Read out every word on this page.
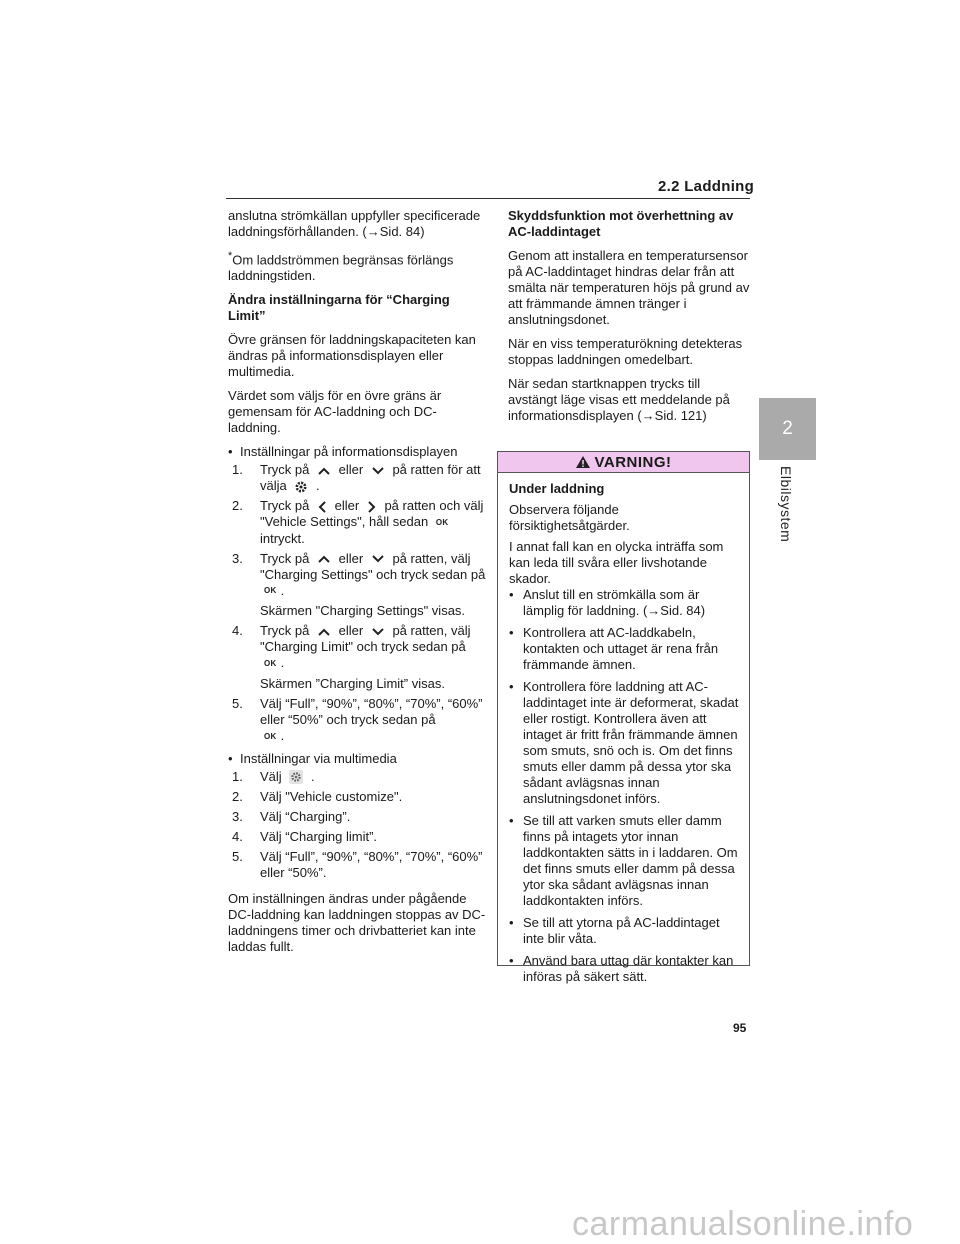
2.2 Laddning

anslutna strömkällan uppfyller specificerade laddningsförhållanden. (→Sid. 84)

*Om laddströmmen begränsas förlängs laddningstiden.

Ändra inställningarna för “Charging Limit”

Övre gränsen för laddningskapaciteten kan ändras på informationsdisplayen eller multimedia.

Värdet som väljs för en övre gräns är gemensam för AC-laddning och DC-laddning.

• Inställningar på informationsdisplayen
1. Tryck på eller på ratten för att välja .
2. Tryck på eller på ratten och välj "Vehicle Settings", håll sedan OK intryckt.
3. Tryck på eller på ratten, välj "Charging Settings" och tryck sedan på OK .
Skärmen "Charging Settings" visas.
4. Tryck på eller på ratten, välj "Charging Limit" och tryck sedan på
OK .
Skärmen ”Charging Limit” visas.
5. Välj “Full”, “90%”, “80%”, “70%”, “60%” eller “50%” och tryck sedan på
OK .
• Inställningar via multimedia
1. Välj .
2. Välj "Vehicle customize".
3. Välj “Charging”.
4. Välj “Charging limit”.
5. Välj “Full”, “90%”, “80%”, “70%”, “60%” eller “50%”.

Om inställningen ändras under pågående DC-laddning kan laddningen stoppas av DC-laddningens timer och drivbatteriet kan inte laddas fullt.

Skyddsfunktion mot överhettning av AC-laddintaget

Genom att installera en temperatursensor på AC-laddintaget hindras delar från att smälta när temperaturen höjs på grund av att främmande ämnen tränger i anslutningsdonet.

När en viss temperaturökning detekteras stoppas laddningen omedelbart.

När sedan startknappen trycks till avstängt läge visas ett meddelande på informationsdisplayen (→Sid. 121)

VARNING!

Under laddning

Observera följande försiktighetsåtgärder.

I annat fall kan en olycka inträffa som kan leda till svåra eller livshotande skador.

• Anslut till en strömkälla som är lämplig för laddning. (→Sid. 84)
• Kontrollera att AC-laddkabeln, kontakten och uttaget är rena från främmande ämnen.
• Kontrollera före laddning att AC-laddintaget inte är deformerat, skadat eller rostigt. Kontrollera även att intaget är fritt från främmande ämnen som smuts, snö och is. Om det finns smuts eller damm på dessa ytor ska sådant avlägsnas innan anslutningsdonet införs.
• Se till att varken smuts eller damm finns på intagets ytor innan laddkontakten sätts in i laddaren. Om det finns smuts eller damm på dessa ytor ska sådant avlägsnas innan laddkontakten införs.
• Se till att ytorna på AC-laddintaget inte blir våta.
• Använd bara uttag där kontakter kan införas på säkert sätt.
2
Elbilsystem
95
carmanualsonline.info
